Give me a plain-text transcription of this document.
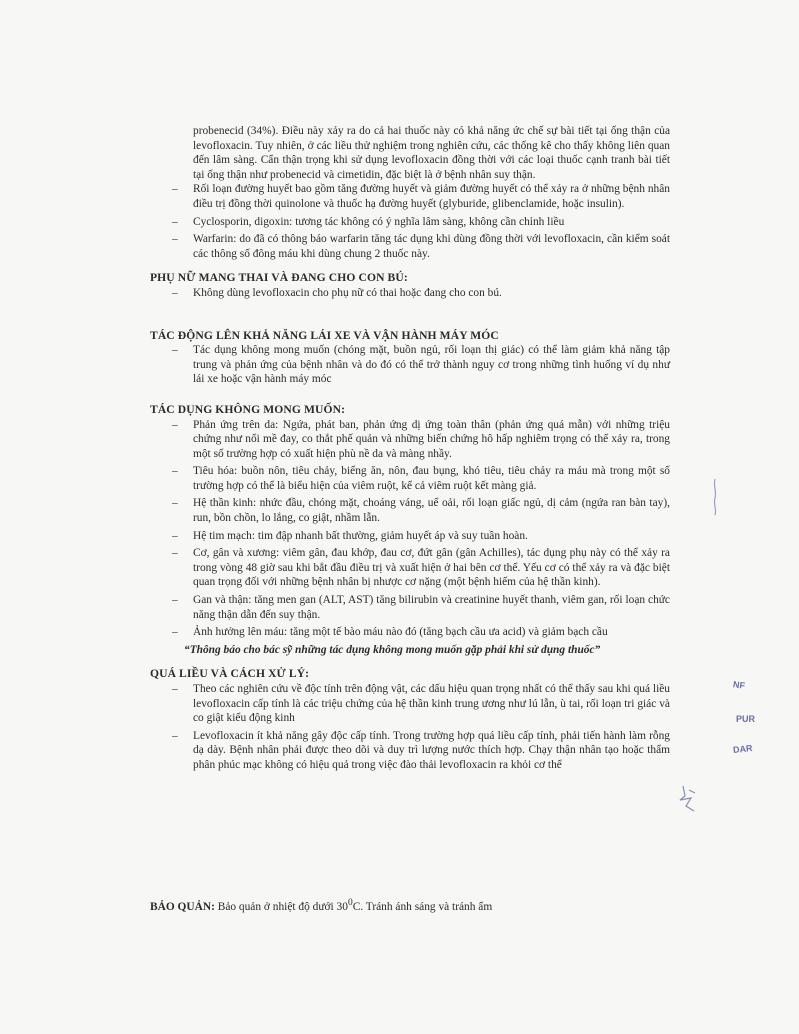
probenecid (34%). Điều này xảy ra do cả hai thuốc này có khả năng ức chế sự bài tiết tại ống thận của levofloxacin. Tuy nhiên, ở các liều thử nghiệm trong nghiên cứu, các thống kê cho thấy không liên quan đến lâm sàng. Cẩn thận trọng khi sử dụng levofloxacin đồng thời với các loại thuốc cạnh tranh bài tiết tại ống thận như probenecid và cimetidin, đặc biệt là ở bệnh nhân suy thận.

– Rối loạn đường huyết bao gồm tăng đường huyết và giảm đường huyết có thể xảy ra ở những bệnh nhân điều trị đồng thời quinolone và thuốc hạ đường huyết (glyburide, glibenclamide, hoặc insulin).
– Cyclosporin, digoxin: tương tác không có ý nghĩa lâm sàng, không cần chỉnh liều
– Warfarin: do đã có thông báo warfarin tăng tác dụng khi dùng đồng thời với levofloxacin, cần kiểm soát các thông số đông máu khi dùng chung 2 thuốc này.

PHỤ NỮ MANG THAI VÀ ĐANG CHO CON BÚ:

– Không dùng levofloxacin cho phụ nữ có thai hoặc đang cho con bú.

TÁC ĐỘNG LÊN KHẢ NĂNG LÁI XE VÀ VẬN HÀNH MÁY MÓC

– Tác dụng không mong muốn (chóng mặt, buồn ngủ, rối loạn thị giác) có thể làm giảm khả năng tập trung và phản ứng của bệnh nhân và do đó có thể trở thành nguy cơ trong những tình huống ví dụ như lái xe hoặc vận hành máy móc

TÁC DỤNG KHÔNG MONG MUỐN:

– Phản ứng trên da: Ngứa, phát ban, phản ứng dị ứng toàn thân (phản ứng quá mẫn) với những triệu chứng như nổi mề đay, co thắt phế quản và những biến chứng hô hấp nghiêm trọng có thể xảy ra, trong một số trường hợp có xuất hiện phù nề da và màng nhầy.
– Tiêu hóa: buồn nôn, tiêu chảy, biếng ăn, nôn, đau bụng, khó tiêu, tiêu chảy ra máu mà trong một số trường hợp có thể là biểu hiện của viêm ruột, kể cả viêm ruột kết màng giả.
– Hệ thần kinh: nhức đầu, chóng mặt, choáng váng, uể oải, rối loạn giấc ngủ, dị cảm (ngứa ran bàn tay), run, bồn chồn, lo lắng, co giật, nhầm lẫn.
– Hệ tim mạch: tim đập nhanh bất thường, giảm huyết áp và suy tuần hoàn.
– Cơ, gân và xương: viêm gân, đau khớp, đau cơ, đứt gân (gân Achilles), tác dụng phụ này có thể xảy ra trong vòng 48 giờ sau khi bắt đầu điều trị và xuất hiện ở hai bên cơ thể. Yếu cơ có thể xảy ra và đặc biệt quan trọng đối với những bệnh nhân bị nhược cơ nặng (một bệnh hiếm của hệ thần kinh).
– Gan và thận: tăng men gan (ALT, AST) tăng bilirubin và creatinine huyết thanh, viêm gan, rối loạn chức năng thận dẫn đến suy thận.
– Ảnh hưởng lên máu: tăng một tế bào máu nào đó (tăng bạch cầu ưa acid) và giảm bạch cầu

“Thông báo cho bác sỹ những tác dụng không mong muốn gặp phải khi sử dụng thuốc”

QUÁ LIỀU VÀ CÁCH XỬ LÝ:

– Theo các nghiên cứu về độc tính trên động vật, các dấu hiệu quan trọng nhất có thể thấy sau khi quá liều levofloxacin cấp tính là các triệu chứng của hệ thần kinh trung ương như lú lẫn, ù tai, rối loạn tri giác và co giật kiểu động kinh
– Levofloxacin ít khả năng gây độc cấp tính. Trong trường hợp quá liều cấp tính, phải tiến hành làm rỗng dạ dày. Bệnh nhân phải được theo dõi và duy trì lượng nước thích hợp. Chạy thận nhân tạo hoặc thẩm phân phúc mạc không có hiệu quả trong việc đào thải levofloxacin ra khỏi cơ thể

BẢO QUẢN: Bảo quản ở nhiệt độ dưới $30^0C$. Tránh ánh sáng và tránh ẩm

NF
PUR
DAR
